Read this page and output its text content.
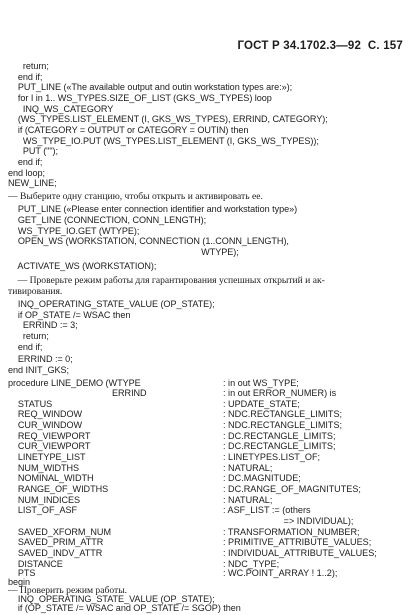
ГОСТ Р 34.1702.3—92  С. 157
return;
end if;
PUT_LINE («The available output and outin workstation types are:»);
for I in 1.. WS_TYPES.SIZE_OF_LIST (GKS_WS_TYPES) loop
INQ_WS_CATEGORY
(WS_TYPES.LIST_ELEMENT (I, GKS_WS_TYPES), ERRIND, CATEGORY);
if (CATEGORY = OUTPUT or CATEGORY = OUTIN) then
WS_TYPE_IO.PUT (WS_TYPES.LIST_ELEMENT (I, GKS_WS_TYPES));
PUT ("");
end if;
end loop;
NEW_LINE;
— Выберите одну станцию, чтобы открыть и активировать ее.
PUT_LINE («Please enter connection identifier and workstation type»)
GET_LINE (CONNECTION, CONN_LENGTH);
WS_TYPE_IO.GET (WTYPE);
OPEN_WS (WORKSTATION, CONNECTION (1..CONN_LENGTH),
WTYPE);
ACTIVATE_WS (WORKSTATION);
— Проверьте режим работы для гарантирования успешных открытий и ак-
тивирования.
INQ_OPERATING_STATE_VALUE (OP_STATE);
if OP_STATE /= WSAC then
ERRIND := 3;
return;
end if;
ERRIND := 0;
end INIT_GKS;
procedure LINE_DEMO (WTYPE
ERRIND
STATUS
REQ_WINDOW
CUR_WINDOW
REQ_VIEWPORT
CUR_VIEWPORT
LINETYPE_LIST
NUM_WIDTHS
NOMINAL_WIDTH
RANGE_OF_WIDTHS
NUM_INDICES
LIST_OF_ASF
SAVED_XFORM_NUM
SAVED_PRIM_ATTR
SAVED_INDV_ATTR
DISTANCE
PTS
begin
— Проверить режим работы.
INQ_OPERATING_STATE_VALUE (OP_STATE);
if (OP_STATE /= WSAC and OP_STATE /= SGOP) then
: in out WS_TYPE;
: in out ERROR_NUMER) is
: UPDATE_STATE;
: NDC.RECTANGLE_LIMITS;
: NDC.RECTANGLE_LIMITS;
: DC.RECTANGLE_LIMITS;
: DC.RECTANGLE_LIMITS;
: LINETYPES.LIST_OF;
: NATURAL;
: DC.MAGNITUDE;
: DC.RANGE_OF_MAGNITUTES;
: NATURAL;
: ASF_LIST := (others
=> INDIVIDUAL);
: TRANSFORMATION_NUMBER;
: PRIMITIVE_ATTRIBUTE_VALUES;
: INDIVIDUAL_ATTRIBUTE_VALUES;
: NDC_TYPE;
: WC.POINT_ARRAY ! 1..2);
